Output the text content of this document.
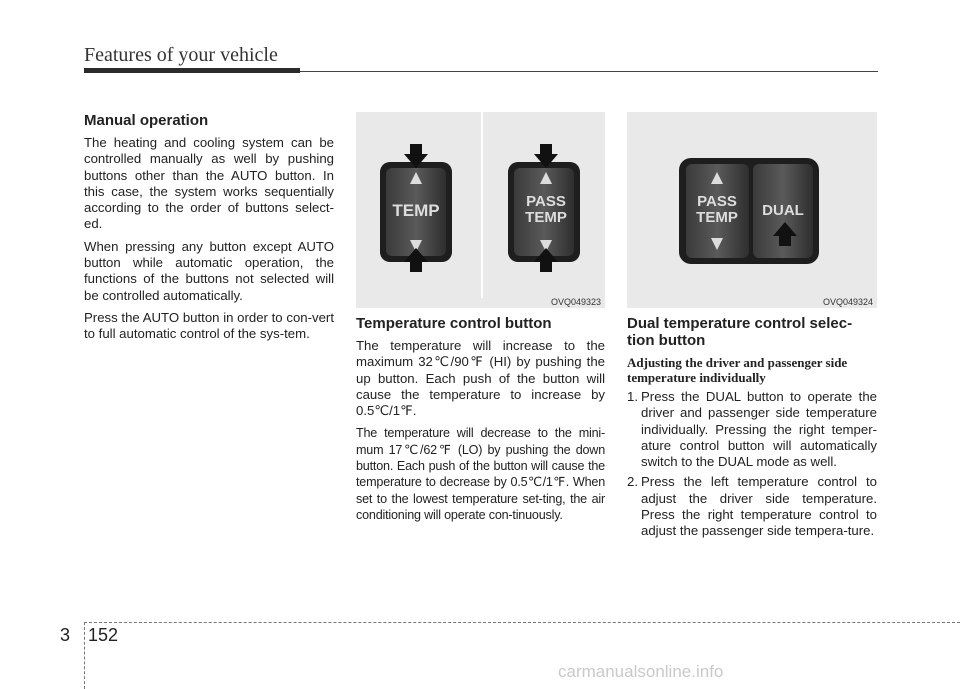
Features of your vehicle
Manual operation

The heating and cooling system can be controlled manually as well by pushing buttons other than the AUTO button. In this case, the system works sequentially according to the order of buttons select-ed.

When pressing any button except AUTO button while automatic operation, the functions of the buttons not selected will be controlled automatically.

Press the AUTO button in order to con-vert to full automatic control of the sys-tem.

TEMP	PASS
TEMP
OVQ049323
PASS
TEMP DUAL
OVQ049324
Temperature control button

The temperature will increase to the maximum 32℃/90℉ (HI) by pushing the up button. Each push of the button will cause the temperature to increase by 0.5℃/1℉.

The temperature will decrease to the mini-mum 17℃/62℉ (LO) by pushing the down button. Each push of the button will cause the temperature to decrease by 0.5℃/1℉. When set to the lowest temperature set-ting, the air conditioning will operate con-tinuously.

Dual temperature control selec-tion button
Adjusting the driver and passenger side temperature individually
1. Press the DUAL button to operate the driver and passenger side temperature individually. Pressing the right temper-ature control button will automatically switch to the DUAL mode as well.
2. Press the left temperature control to adjust the driver side temperature. Press the right temperature control to adjust the passenger side tempera-ture.
3 152
carmanualsonline.info
